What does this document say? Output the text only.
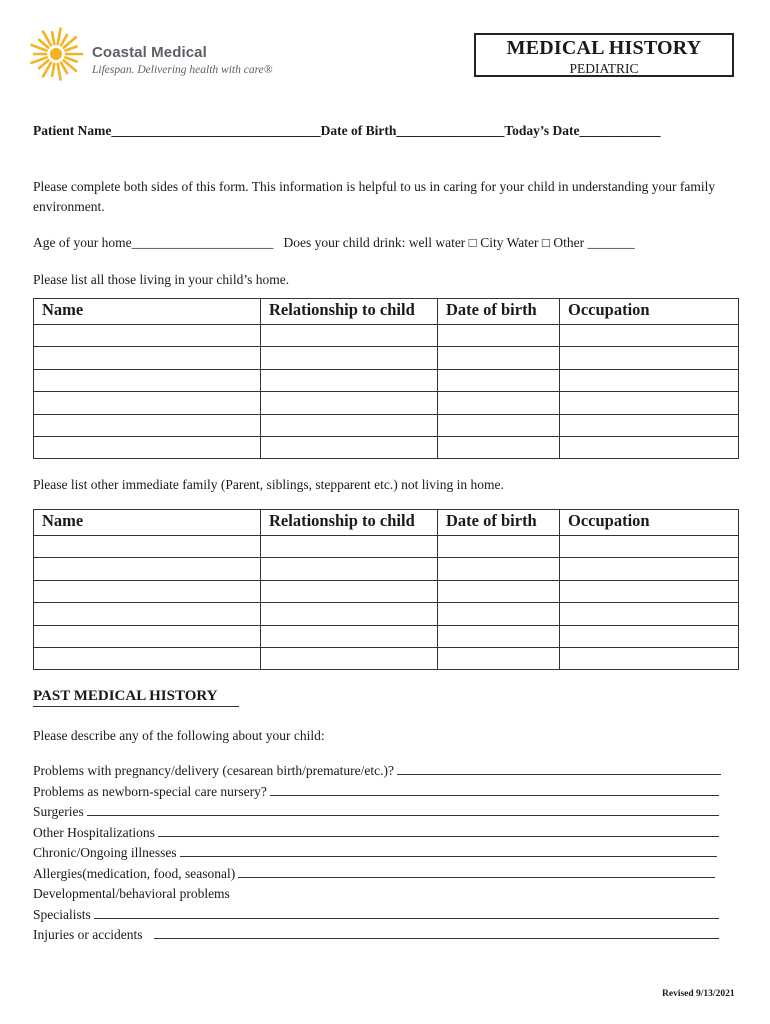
Coastal Medical
Lifespan. Delivering health with care®
MEDICAL HISTORY
PEDIATRIC
Patient Name_______________________________Date of Birth________________Today’s Date____________
Please complete both sides of this form. This information is helpful to us in caring for your child in understanding your family environment.
Age of your home_____________________   Does your child drink: well water □ City Water □ Other _______
Please list all those living in your child’s home.
Name	Relationship to child	Date of birth	Occupation

Please list other immediate family (Parent, siblings, stepparent etc.) not living in home.
Name	Relationship to child	Date of birth	Occupation

PAST MEDICAL HISTORY
Please describe any of the following about your child:
Problems with pregnancy/delivery (cesarean birth/premature/etc.)?
Problems as newborn-special care nursery?
Surgeries
Other Hospitalizations
Chronic/Ongoing illnesses
Allergies(medication, food, seasonal)
Developmental/behavioral problems
Specialists
Injuries or accidents
Revised 9/13/2021
